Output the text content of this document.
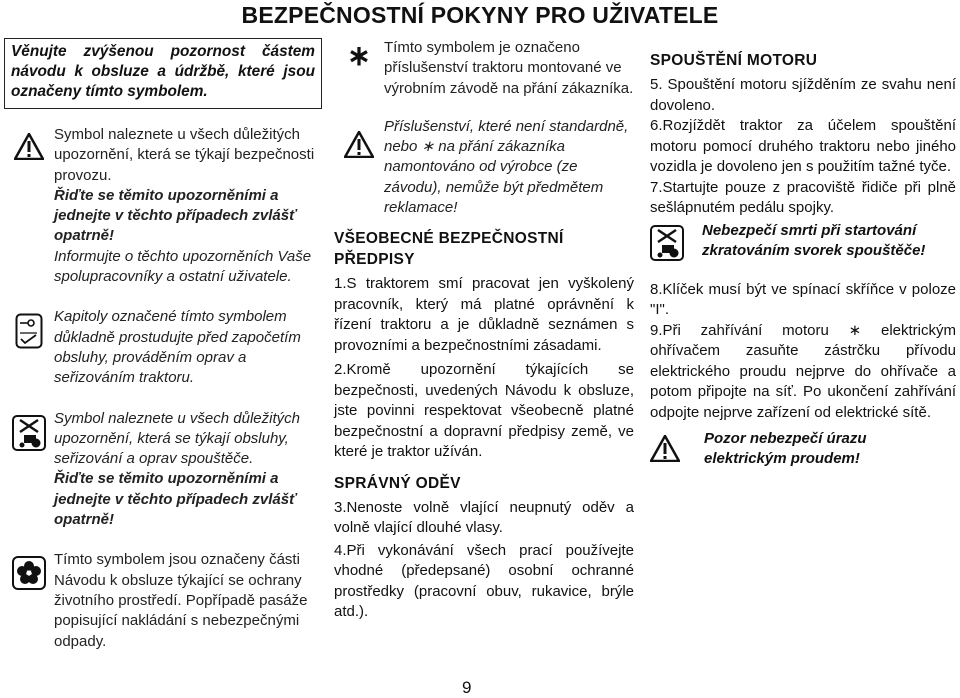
BEZPEČNOSTNÍ POKYNY PRO UŽIVATELE
Věnujte zvýšenou pozornost částem návodu k obsluze a údržbě, které jsou označeny tímto symbolem.
Symbol naleznete u všech důležitých upozornění, která se týkají bezpečnosti provozu.
Řiďte se těmito upozorněními a jednejte v těchto případech zvlášť opatrně!
Informujte o těchto upozorněních Vaše spolupracovníky a ostatní uživatele.
Kapitoly označené tímto symbolem důkladně prostudujte před započetím obsluhy, prováděním oprav a seřizováním traktoru.
Symbol naleznete u všech důležitých upozornění, která se týkají obsluhy, seřizování a oprav spouštěče.
Řiďte se těmito upozorněními a jednejte v těchto případech zvlášť opatrně!
Tímto symbolem jsou označeny části Návodu k obsluze týkající se ochrany životního prostředí. Popřípadě pasáže popisující nakládání s nebezpečnými odpady.
∗ Tímto symbolem je označeno příslušenství traktoru montované ve výrobním závodě na přání zákazníka.
Příslušenství, které není standardně, nebo ∗ na přání zákazníka namontováno od výrobce (ze závodu), nemůže být předmětem reklamace!
VŠEOBECNÉ BEZPEČNOSTNÍ PŘEDPISY

1.S traktorem smí pracovat jen vyškolený pracovník, který má platné oprávnění k řízení traktoru a je důkladně seznámen s provozními a bezpečnostními zásadami.

2.Kromě upozornění týkajících se bezpečnosti, uvedených Návodu k obsluze, jste povinni respektovat všeobecně platné bezpečnostní a dopravní předpisy země, ve které je traktor užíván.

SPRÁVNÝ ODĚV

3.Nenoste volně vlající neupnutý oděv a volně vlající dlouhé vlasy.

4.Při vykonávání všech prací používejte vhodné (předepsané) osobní ochranné prostředky (pracovní obuv, rukavice, brýle atd.).

SPOUŠTĚNÍ MOTORU

5. Spouštění motoru sjížděním ze svahu není dovoleno.

6.Rozjíždět traktor za účelem spouštění motoru pomocí druhého traktoru nebo jiného vozidla je dovoleno jen s použitím tažné tyče.

7.Startujte pouze z pracoviště řidiče při plně sešlápnutém pedálu spojky.

Nebezpečí smrti při startování zkratováním svorek spouštěče!

8.Klíček musí být ve spínací skříňce v poloze "I".

9.Při zahřívání motoru ∗ elektrickým ohřívačem zasuňte zástrčku přívodu elektrického proudu nejprve do ohřívače a potom připojte na síť. Po ukončení zahřívání odpojte nejprve zařízení od elektrické sítě.

Pozor nebezpečí úrazu elektrickým proudem!
9
